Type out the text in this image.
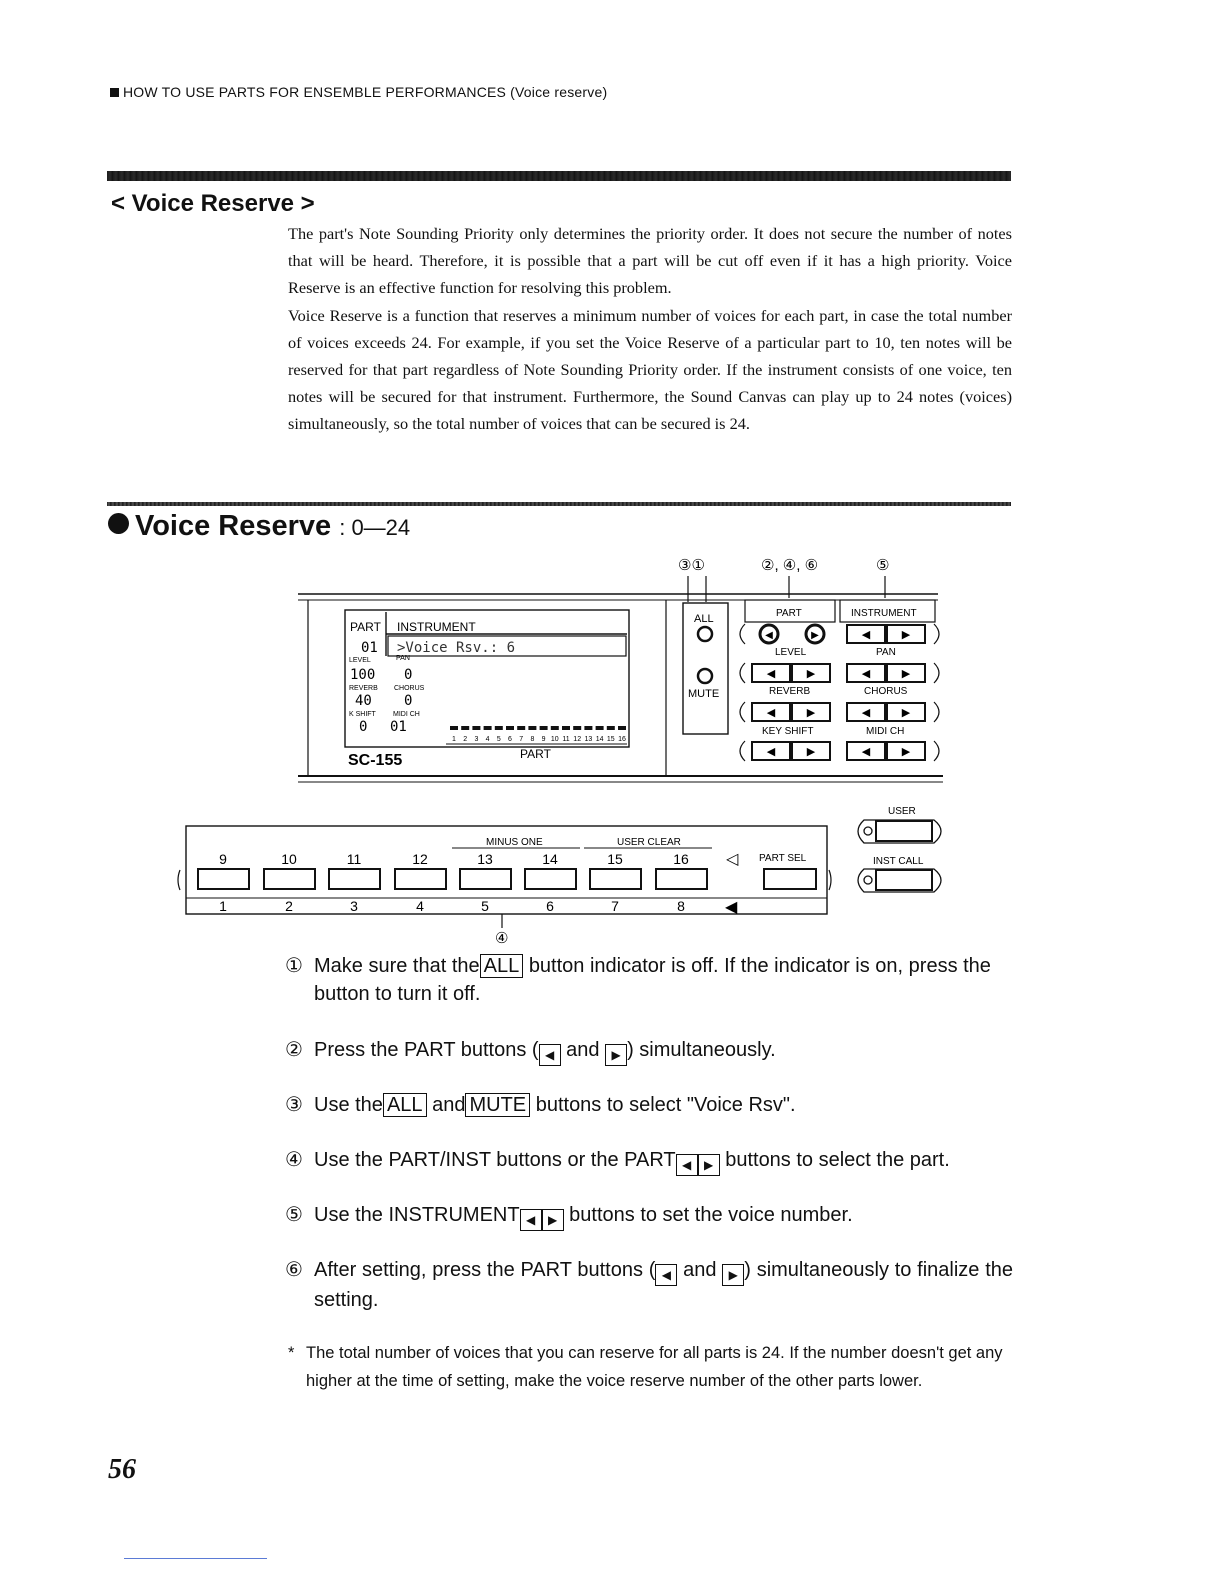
HOW TO USE PARTS FOR ENSEMBLE PERFORMANCES (Voice reserve)
< Voice Reserve >

The part's Note Sounding Priority only determines the priority order. It does not secure the number of notes that will be heard. Therefore, it is possible that a part will be cut off even if it has a high priority. Voice Reserve is an effective function for resolving this problem.

Voice Reserve is a function that reserves a minimum number of voices for each part, in case the total number of voices exceeds 24. For example, if you set the Voice Reserve of a particular part to 10, ten notes will be reserved for that part regardless of Note Sounding Priority order. If the instrument consists of one voice, ten notes will be secured for that instrument. Furthermore, the Sound Canvas can play up to 24 notes (voices) simultaneously, so the total number of voices that can be secured is 24.

Voice Reserve : 0—24
③①	②, ④, ⑥	⑤
PART INSTRUMENT
01 >Voice Rsv.: 6
LEVEL	PAN
100 0
REVERB CHORUS
40 0
K SHIFT MIDI CH
0 01
1 2 3 4 5 6 7 8 9 10 11 12 13 14 15 16
SC-155	PART
ALL
MUTE
PART	INSTRUMENT
◀	▶	◀	▶
◀	▶	◀	▶
◀	▶	◀	▶
◀	▶	◀	▶
LEVEL	PAN
REVERB	CHORUS
KEY SHIFT	MIDI CH
MINUS ONE	USER CLEAR
9
1
10
2
11
3
12
4
13
5
14
6
15
7
16
8
◁ PART SEL
◀
④
USER
INST CALL
① Make sure that the ALL button indicator is off. If the indicator is on, press the button to turn it off.
② Press the PART buttons ( ◀ and ▶ ) simultaneously.
③ Use the ALL and MUTE buttons to select "Voice Rsv".
④ Use the PART/INST buttons or the PART ◀ ▶ buttons to select the part.
⑤ Use the INSTRUMENT ◀ ▶ buttons to set the voice number.
⑥ After setting, press the PART buttons ( ◀ and ▶ ) simultaneously to finalize the setting.
* The total number of voices that you can reserve for all parts is 24. If the number doesn't get any higher at the time of setting, make the voice reserve number of the other parts lower.
56
